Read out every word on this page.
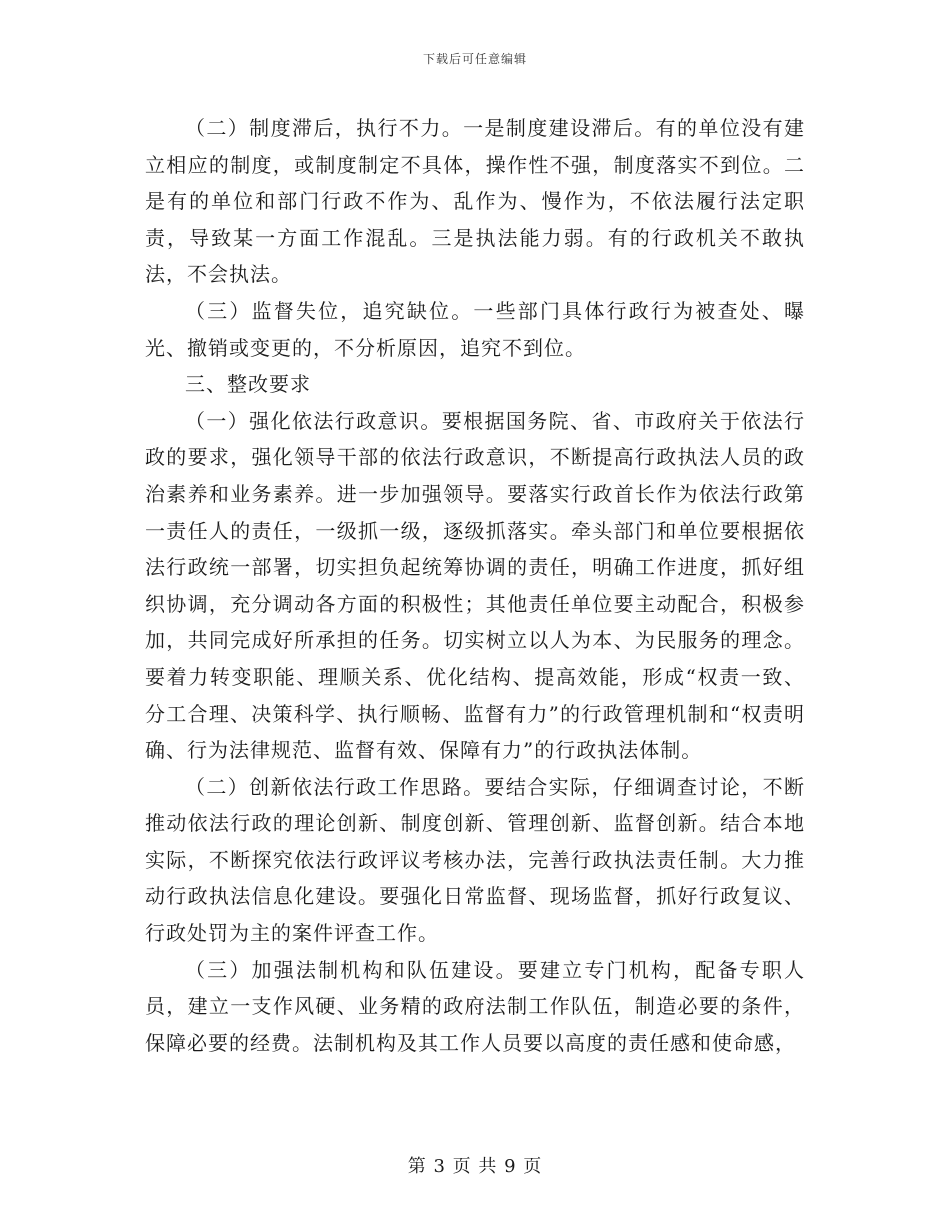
下载后可任意编辑

（二）制度滞后，执行不力。一是制度建设滞后。有的单位没有建立相应的制度，或制度制定不具体，操作性不强，制度落实不到位。二是有的单位和部门行政不作为、乱作为、慢作为，不依法履行法定职责，导致某一方面工作混乱。三是执法能力弱。有的行政机关不敢执法，不会执法。

（三）监督失位，追究缺位。一些部门具体行政行为被查处、曝光、撤销或变更的，不分析原因，追究不到位。

三、整改要求

（一）强化依法行政意识。要根据国务院、省、市政府关于依法行政的要求，强化领导干部的依法行政意识，不断提高行政执法人员的政治素养和业务素养。进一步加强领导。要落实行政首长作为依法行政第一责任人的责任，一级抓一级，逐级抓落实。牵头部门和单位要根据依法行政统一部署，切实担负起统筹协调的责任，明确工作进度，抓好组织协调，充分调动各方面的积极性；其他责任单位要主动配合，积极参加，共同完成好所承担的任务。切实树立以人为本、为民服务的理念。要着力转变职能、理顺关系、优化结构、提高效能，形成“权责一致、分工合理、决策科学、执行顺畅、监督有力”的行政管理机制和“权责明确、行为法律规范、监督有效、保障有力”的行政执法体制。

（二）创新依法行政工作思路。要结合实际，仔细调查讨论，不断推动依法行政的理论创新、制度创新、管理创新、监督创新。结合本地实际，不断探究依法行政评议考核办法，完善行政执法责任制。大力推动行政执法信息化建设。要强化日常监督、现场监督，抓好行政复议、行政处罚为主的案件评查工作。

（三）加强法制机构和队伍建设。要建立专门机构，配备专职人员，建立一支作风硬、业务精的政府法制工作队伍，制造必要的条件，保障必要的经费。法制机构及其工作人员要以高度的责任感和使命感，

第 3 页 共 9 页
